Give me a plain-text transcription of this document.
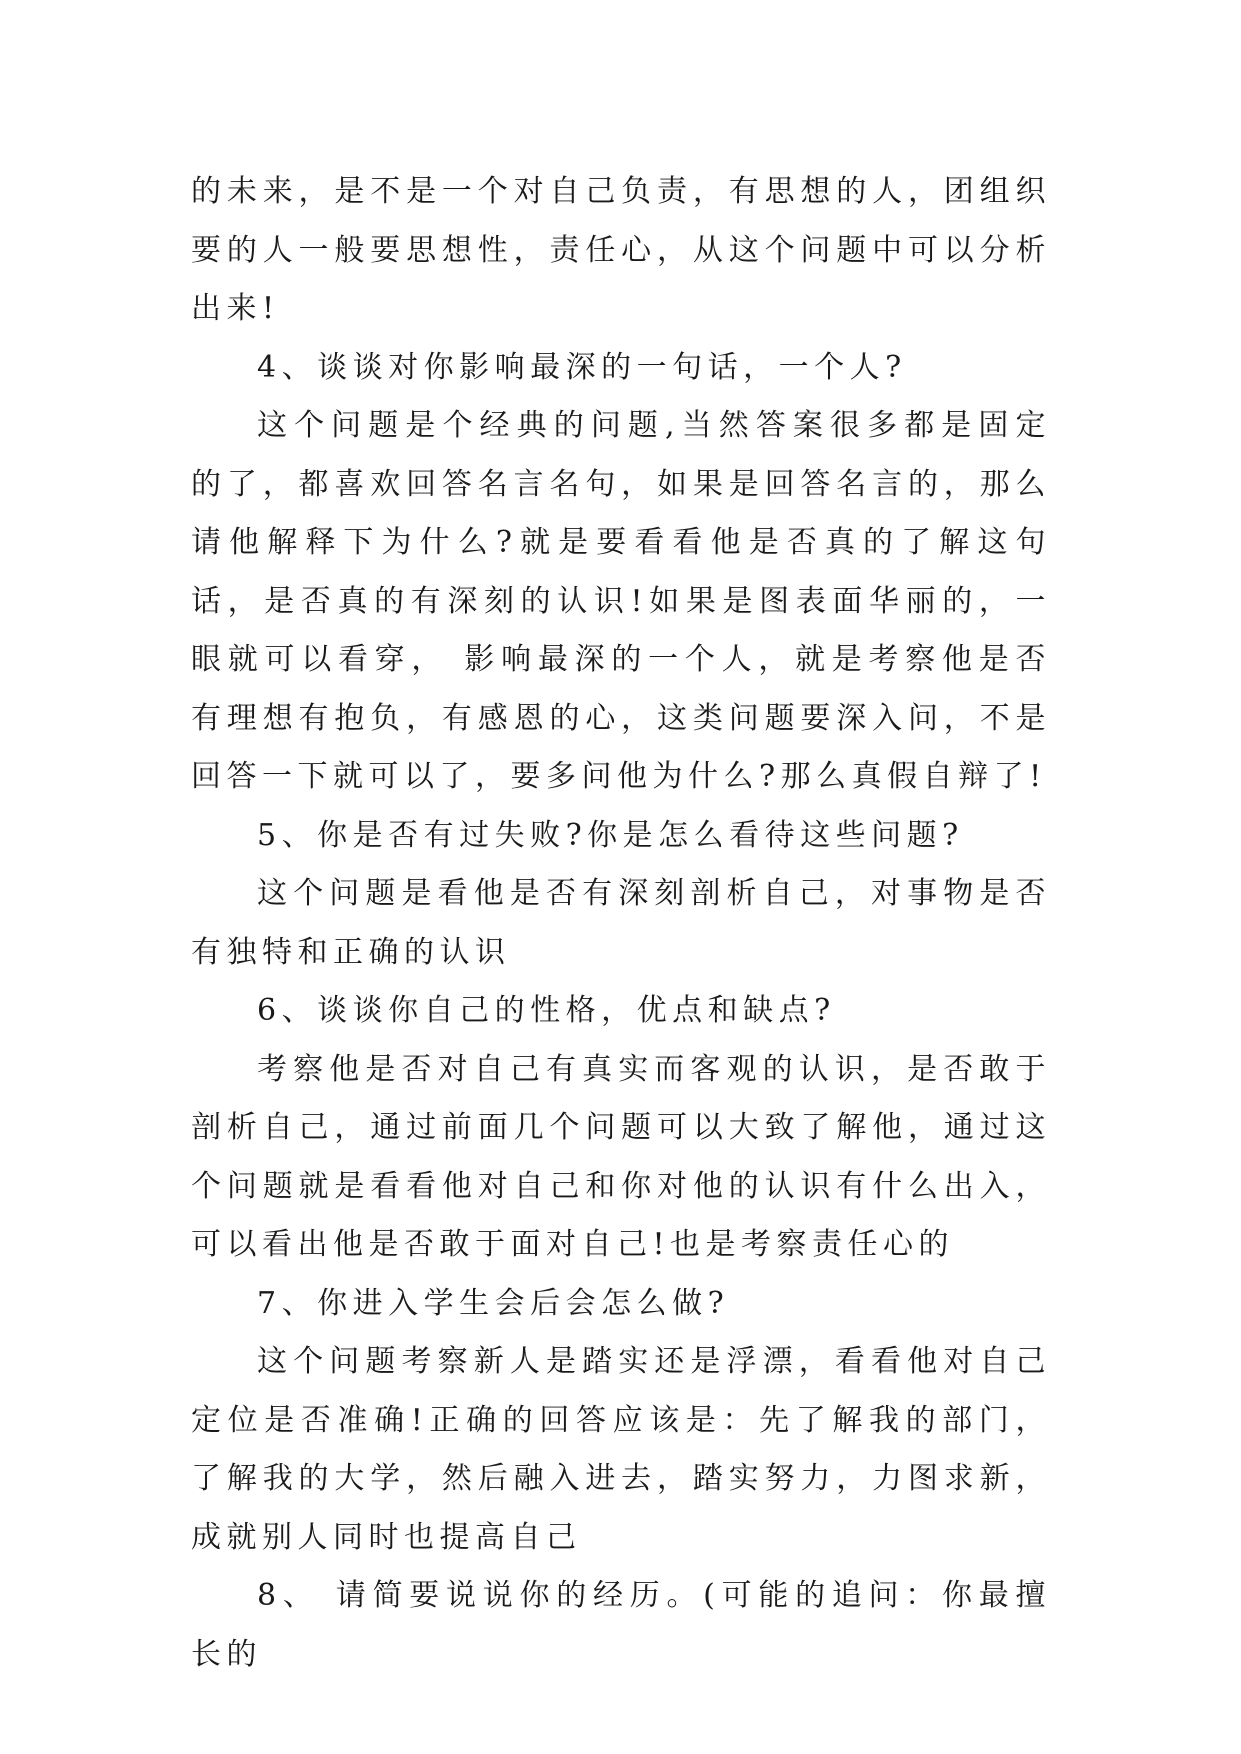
的未来，是不是一个对自己负责，有思想的人，团组织要的人一般要思想性，责任心，从这个问题中可以分析出来!

4、谈谈对你影响最深的一句话，一个人?

这个问题是个经典的问题,当然答案很多都是固定的了，都喜欢回答名言名句，如果是回答名言的，那么请他解释下为什么?就是要看看他是否真的了解这句话，是否真的有深刻的认识!如果是图表面华丽的，一眼就可以看穿， 影响最深的一个人，就是考察他是否有理想有抱负，有感恩的心，这类问题要深入问，不是回答一下就可以了，要多问他为什么?那么真假自辩了!

5、你是否有过失败?你是怎么看待这些问题?

这个问题是看他是否有深刻剖析自己，对事物是否有独特和正确的认识

6、谈谈你自己的性格，优点和缺点?

考察他是否对自己有真实而客观的认识，是否敢于剖析自己，通过前面几个问题可以大致了解他，通过这个问题就是看看他对自己和你对他的认识有什么出入，可以看出他是否敢于面对自己!也是考察责任心的

7、你进入学生会后会怎么做?

这个问题考察新人是踏实还是浮漂，看看他对自己定位是否准确!正确的回答应该是：先了解我的部门，了解我的大学，然后融入进去，踏实努力，力图求新，成就别人同时也提高自己

8、 请简要说说你的经历。(可能的追问：你最擅长的
